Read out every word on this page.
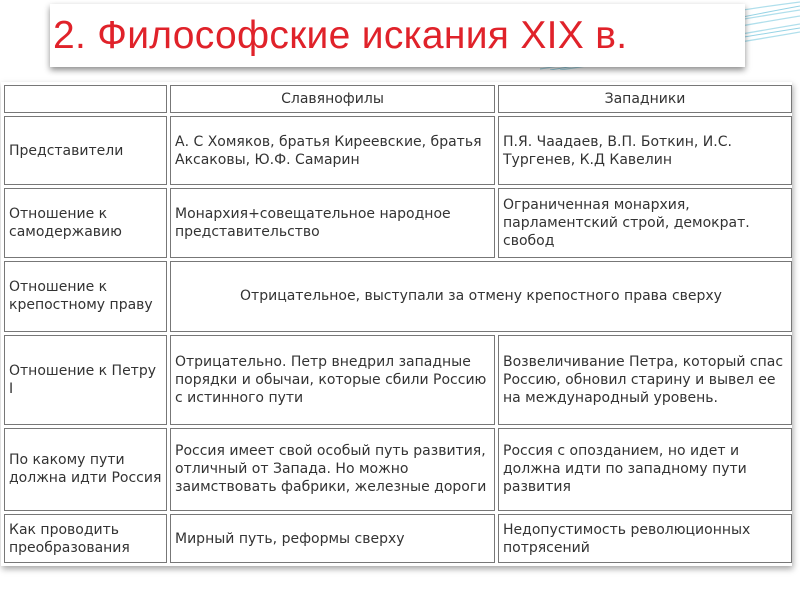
2. Философские искания XIX в.
	Славянофилы	Западники
Представители	А. С Хомяков, братья Киреевские, братья Аксаковы, Ю.Ф. Самарин	П.Я. Чаадаев, В.П. Боткин, И.С. Тургенев, К.Д Кавелин
Отношение к самодержавию	Монархия+совещательное народное представительство	Ограниченная монархия, парламентский строй, демократ. свобод
Отношение к крепостному праву	Отрицательное, выступали за отмену крепостного права сверху	
Отношение к Петру I	Отрицательно. Петр внедрил западные порядки и обычаи, которые сбили Россию с истинного пути	Возвеличивание Петра, который спас Россию, обновил старину и вывел ее на международный уровень.
По какому пути должна идти Россия	Россия имеет свой особый путь развития, отличный от Запада. Но можно заимствовать фабрики, железные дороги	Россия с опозданием, но идет и должна идти по западному пути развития
Как проводить преобразования	Мирный путь, реформы сверху	Недопустимость революционных потрясений
